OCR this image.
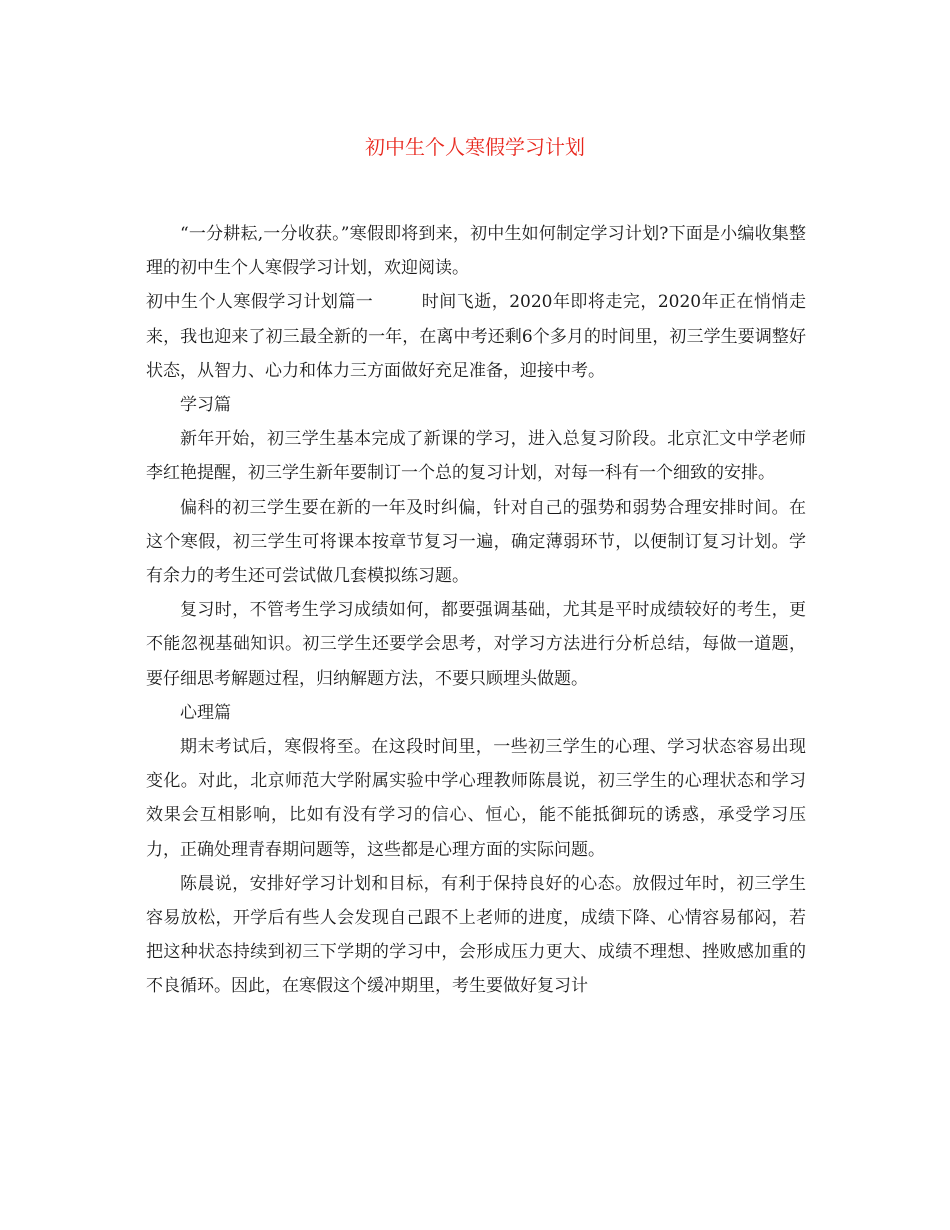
初中生个人寒假学习计划

“一分耕耘,一分收获。”寒假即将到来，初中生如何制定学习计划?下面是小编收集整理的初中生个人寒假学习计划，欢迎阅读。

初中生个人寒假学习计划篇一	时间飞逝，2020年即将走完，2020年正在悄悄走来，我也迎来了初三最全新的一年，在离中考还剩6个多月的时间里，初三学生要调整好状态，从智力、心力和体力三方面做好充足准备，迎接中考。

学习篇

新年开始，初三学生基本完成了新课的学习，进入总复习阶段。北京汇文中学老师李红艳提醒，初三学生新年要制订一个总的复习计划，对每一科有一个细致的安排。

偏科的初三学生要在新的一年及时纠偏，针对自己的强势和弱势合理安排时间。在这个寒假，初三学生可将课本按章节复习一遍，确定薄弱环节，以便制订复习计划。学有余力的考生还可尝试做几套模拟练习题。

复习时，不管考生学习成绩如何，都要强调基础，尤其是平时成绩较好的考生，更不能忽视基础知识。初三学生还要学会思考，对学习方法进行分析总结，每做一道题，要仔细思考解题过程，归纳解题方法，不要只顾埋头做题。

心理篇

期末考试后，寒假将至。在这段时间里，一些初三学生的心理、学习状态容易出现变化。对此，北京师范大学附属实验中学心理教师陈晨说，初三学生的心理状态和学习效果会互相影响，比如有没有学习的信心、恒心，能不能抵御玩的诱惑，承受学习压力，正确处理青春期问题等，这些都是心理方面的实际问题。

陈晨说，安排好学习计划和目标，有利于保持良好的心态。放假过年时，初三学生容易放松，开学后有些人会发现自己跟不上老师的进度，成绩下降、心情容易郁闷，若把这种状态持续到初三下学期的学习中，会形成压力更大、成绩不理想、挫败感加重的不良循环。因此，在寒假这个缓冲期里，考生要做好复习计
